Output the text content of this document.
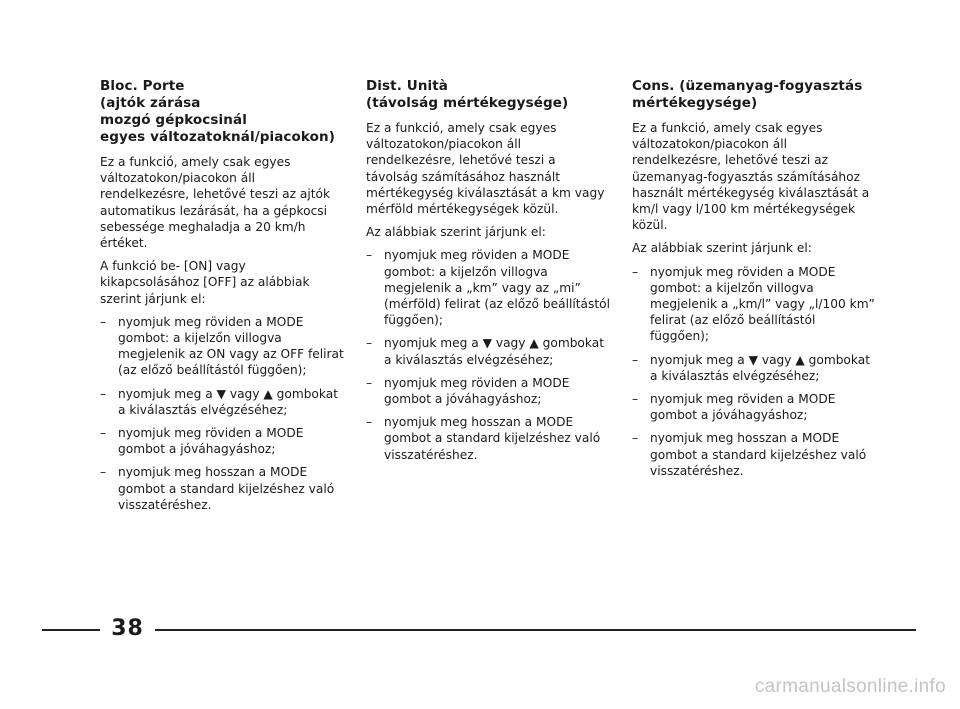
Bloc. Porte
(ajtók zárása
mozgó gépkocsinál
egyes változatoknál/piacokon)

Ez a funkció, amely csak egyes változatokon/piacokon áll rendelkezésre, lehetővé teszi az ajtók automatikus lezárását, ha a gépkocsi sebessége meghaladja a 20 km/h értéket.

A funkció be- [ON] vagy kikapcsolásához [OFF] az alábbiak szerint járjunk el:

– nyomjuk meg röviden a MODE gombot: a kijelzőn villogva megjelenik az ON vagy az OFF felirat (az előző beállítástól függően);
– nyomjuk meg a ▼ vagy ▲ gombokat a kiválasztás elvégzéséhez;
– nyomjuk meg röviden a MODE gombot a jóváhagyáshoz;
– nyomjuk meg hosszan a MODE gombot a standard kijelzéshez való visszatéréshez.
Dist. Unità
(távolság mértékegysége)

Ez a funkció, amely csak egyes változatokon/piacokon áll rendelkezésre, lehetővé teszi a távolság számításához használt mértékegység kiválasztását a km vagy mérföld mértékegységek közül.

Az alábbiak szerint járjunk el:

– nyomjuk meg röviden a MODE gombot: a kijelzőn villogva megjelenik a „km” vagy az „mi” (mérföld) felirat (az előző beállítástól függően);
– nyomjuk meg a ▼ vagy ▲ gombokat a kiválasztás elvégzéséhez;
– nyomjuk meg röviden a MODE gombot a jóváhagyáshoz;
– nyomjuk meg hosszan a MODE gombot a standard kijelzéshez való visszatéréshez.
Cons. (üzemanyag-fogyasztás
mértékegysége)

Ez a funkció, amely csak egyes változatokon/piacokon áll rendelkezésre, lehetővé teszi az üzemanyag-fogyasztás számításához használt mértékegység kiválasztását a km/l vagy l/100 km mértékegységek közül.

Az alábbiak szerint járjunk el:

– nyomjuk meg röviden a MODE gombot: a kijelzőn villogva megjelenik a „km/l” vagy „l/100 km” felirat (az előző beállítástól függően);
– nyomjuk meg a ▼ vagy ▲ gombokat a kiválasztás elvégzéséhez;
– nyomjuk meg röviden a MODE gombot a jóváhagyáshoz;
– nyomjuk meg hosszan a MODE gombot a standard kijelzéshez való visszatéréshez.
38
carmanualsonline.info
